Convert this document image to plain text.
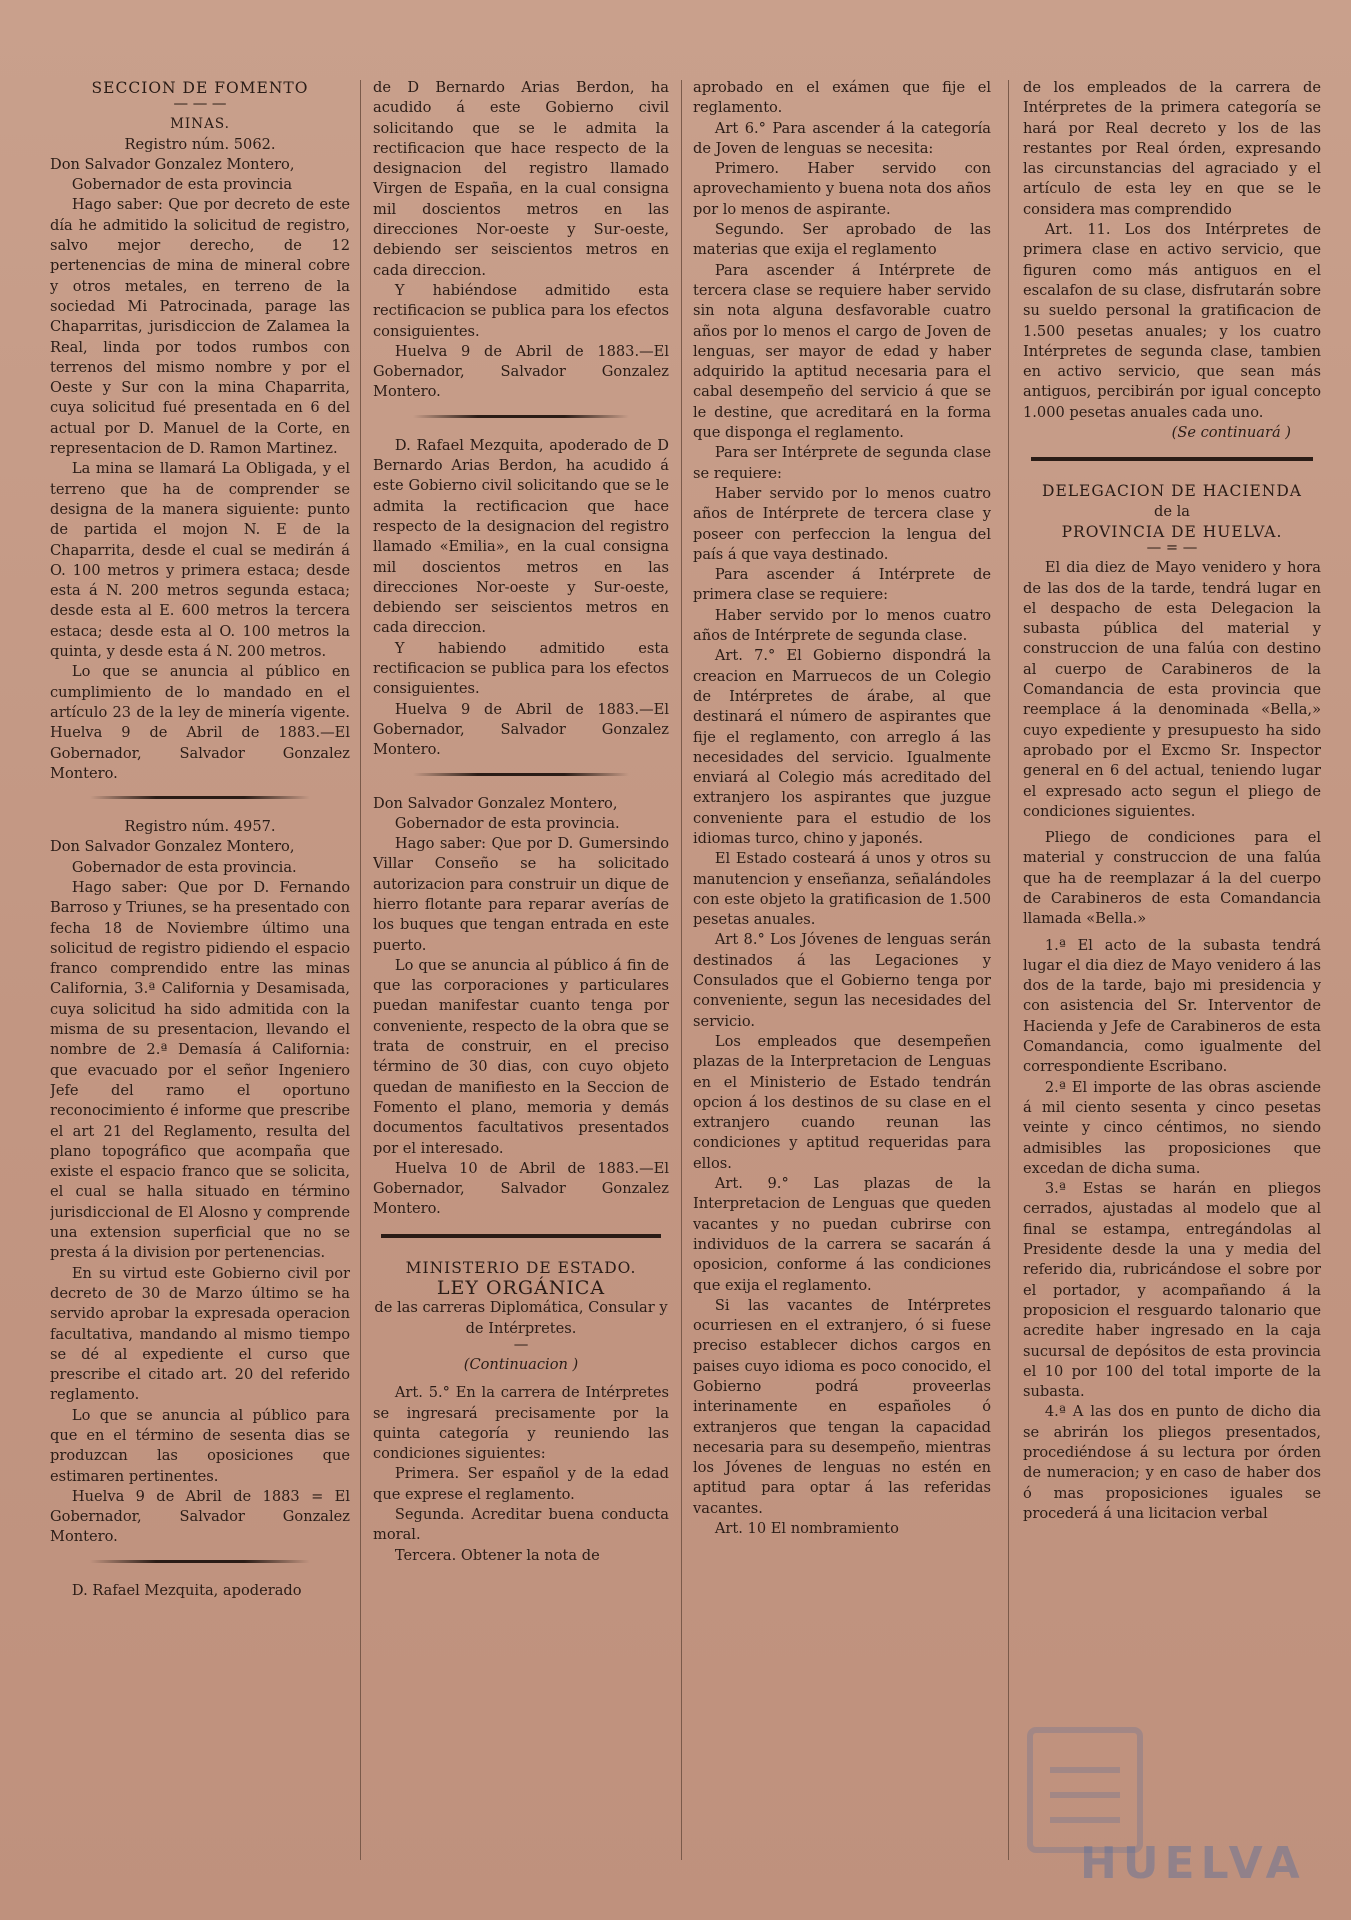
SECCION DE FOMENTO

— — —

MINAS.

Registro núm. 5062.

Don Salvador Gonzalez Montero,

Gobernador de esta provincia

Hago saber: Que por decreto de este día he admitido la solicitud de registro, salvo mejor derecho, de 12 pertenencias de mina de mineral cobre y otros metales, en terreno de la sociedad Mi Patrocinada, parage las Chaparritas, jurisdiccion de Zalamea la Real, linda por todos rumbos con terrenos del mismo nombre y por el Oeste y Sur con la mina Chaparrita, cuya solicitud fué presentada en 6 del actual por D. Manuel de la Corte, en representacion de D. Ramon Martinez.

La mina se llamará La Obligada, y el terreno que ha de comprender se designa de la manera siguiente: punto de partida el mojon N. E de la Chaparrita, desde el cual se medirán á O. 100 metros y primera estaca; desde esta á N. 200 metros segunda estaca; desde esta al E. 600 metros la tercera estaca; desde esta al O. 100 metros la quinta, y desde esta á N. 200 metros.

Lo que se anuncia al público en cumplimiento de lo mandado en el artículo 23 de la ley de minería vigente. Huelva 9 de Abril de 1883.—El Gobernador, Salvador Gonzalez Montero.

Registro núm. 4957.

Don Salvador Gonzalez Montero,

Gobernador de esta provincia.

Hago saber: Que por D. Fernando Barroso y Triunes, se ha presentado con fecha 18 de Noviembre último una solicitud de registro pidiendo el espacio franco comprendido entre las minas California, 3.ª California y Desamisada, cuya solicitud ha sido admitida con la misma de su presentacion, llevando el nombre de 2.ª Demasía á California: que evacuado por el señor Ingeniero Jefe del ramo el oportuno reconocimiento é informe que prescribe el art 21 del Reglamento, resulta del plano topográfico que acompaña que existe el espacio franco que se solicita, el cual se halla situado en término jurisdiccional de El Alosno y comprende una extension superficial que no se presta á la division por pertenencias.

En su virtud este Gobierno civil por decreto de 30 de Marzo último se ha servido aprobar la expresada operacion facultativa, mandando al mismo tiempo se dé al expediente el curso que prescribe el citado art. 20 del referido reglamento.

Lo que se anuncia al público para que en el término de sesenta dias se produzcan las oposiciones que estimaren pertinentes.

Huelva 9 de Abril de 1883 = El Gobernador, Salvador Gonzalez Montero.

D. Rafael Mezquita, apoderado

de D Bernardo Arias Berdon, ha acudido á este Gobierno civil solicitando que se le admita la rectificacion que hace respecto de la designacion del registro llamado Virgen de España, en la cual consigna mil doscientos metros en las direcciones Nor-oeste y Sur-oeste, debiendo ser seiscientos metros en cada direccion.

Y habiéndose admitido esta rectificacion se publica para los efectos consiguientes.

Huelva 9 de Abril de 1883.—El Gobernador, Salvador Gonzalez Montero.

D. Rafael Mezquita, apoderado de D Bernardo Arias Berdon, ha acudido á este Gobierno civil solicitando que se le admita la rectificacion que hace respecto de la designacion del registro llamado «Emilia», en la cual consigna mil doscientos metros en las direcciones Nor-oeste y Sur-oeste, debiendo ser seiscientos metros en cada direccion.

Y habiendo admitido esta rectificacion se publica para los efectos consiguientes.

Huelva 9 de Abril de 1883.—El Gobernador, Salvador Gonzalez Montero.

Don Salvador Gonzalez Montero,

Gobernador de esta provincia.

Hago saber: Que por D. Gumersindo Villar Conseño se ha solicitado autorizacion para construir un dique de hierro flotante para reparar averías de los buques que tengan entrada en este puerto.

Lo que se anuncia al público á fin de que las corporaciones y particulares puedan manifestar cuanto tenga por conveniente, respecto de la obra que se trata de construir, en el preciso término de 30 dias, con cuyo objeto quedan de manifiesto en la Seccion de Fomento el plano, memoria y demás documentos facultativos presentados por el interesado.

Huelva 10 de Abril de 1883.—El Gobernador, Salvador Gonzalez Montero.

MINISTERIO DE ESTADO.

LEY ORGÁNICA

de las carreras Diplomática, Consular y de Intérpretes.

—

(Continuacion )

Art. 5.° En la carrera de Intérpretes se ingresará precisamente por la quinta categoría y reuniendo las condiciones siguientes:

Primera. Ser español y de la edad que exprese el reglamento.

Segunda. Acreditar buena conducta moral.

Tercera. Obtener la nota de

aprobado en el exámen que fije el reglamento.

Art 6.° Para ascender á la categoría de Joven de lenguas se necesita:

Primero. Haber servido con aprovechamiento y buena nota dos años por lo menos de aspirante.

Segundo. Ser aprobado de las materias que exija el reglamento

Para ascender á Intérprete de tercera clase se requiere haber servido sin nota alguna desfavorable cuatro años por lo menos el cargo de Joven de lenguas, ser mayor de edad y haber adquirido la aptitud necesaria para el cabal desempeño del servicio á que se le destine, que acreditará en la forma que disponga el reglamento.

Para ser Intérprete de segunda clase se requiere:

Haber servido por lo menos cuatro años de Intérprete de tercera clase y poseer con perfeccion la lengua del país á que vaya destinado.

Para ascender á Intérprete de primera clase se requiere:

Haber servido por lo menos cuatro años de Intérprete de segunda clase.

Art. 7.° El Gobierno dispondrá la creacion en Marruecos de un Colegio de Intérpretes de árabe, al que destinará el número de aspirantes que fije el reglamento, con arreglo á las necesidades del servicio. Igualmente enviará al Colegio más acreditado del extranjero los aspirantes que juzgue conveniente para el estudio de los idiomas turco, chino y japonés.

El Estado costeará á unos y otros su manutencion y enseñanza, señalándoles con este objeto la gratificasion de 1.500 pesetas anuales.

Art 8.° Los Jóvenes de lenguas serán destinados á las Legaciones y Consulados que el Gobierno tenga por conveniente, segun las necesidades del servicio.

Los empleados que desempeñen plazas de la Interpretacion de Lenguas en el Ministerio de Estado tendrán opcion á los destinos de su clase en el extranjero cuando reunan las condiciones y aptitud requeridas para ellos.

Art. 9.° Las plazas de la Interpretacion de Lenguas que queden vacantes y no puedan cubrirse con individuos de la carrera se sacarán á oposicion, conforme á las condiciones que exija el reglamento.

Si las vacantes de Intérpretes ocurriesen en el extranjero, ó si fuese preciso establecer dichos cargos en paises cuyo idioma es poco conocido, el Gobierno podrá proveerlas interinamente en españoles ó extranjeros que tengan la capacidad necesaria para su desempeño, mientras los Jóvenes de lenguas no estén en aptitud para optar á las referidas vacantes.

Art. 10 El nombramiento

de los empleados de la carrera de Intérpretes de la primera categoría se hará por Real decreto y los de las restantes por Real órden, expresando las circunstancias del agraciado y el artículo de esta ley en que se le considera mas comprendido

Art. 11. Los dos Intérpretes de primera clase en activo servicio, que figuren como más antiguos en el escalafon de su clase, disfrutarán sobre su sueldo personal la gratificacion de 1.500 pesetas anuales; y los cuatro Intérpretes de segunda clase, tambien en activo servicio, que sean más antiguos, percibirán por igual concepto 1.000 pesetas anuales cada uno.

(Se continuará )

DELEGACION DE HACIENDA

de la

PROVINCIA DE HUELVA.

— = —

El dia diez de Mayo venidero y hora de las dos de la tarde, tendrá lugar en el despacho de esta Delegacion la subasta pública del material y construccion de una falúa con destino al cuerpo de Carabineros de la Comandancia de esta provincia que reemplace á la denominada «Bella,» cuyo expediente y presupuesto ha sido aprobado por el Excmo Sr. Inspector general en 6 del actual, teniendo lugar el expresado acto segun el pliego de condiciones siguientes.

Pliego de condiciones para el material y construccion de una falúa que ha de reemplazar á la del cuerpo de Carabineros de esta Comandancia llamada «Bella.»

1.ª El acto de la subasta tendrá lugar el dia diez de Mayo venidero á las dos de la tarde, bajo mi presidencia y con asistencia del Sr. Interventor de Hacienda y Jefe de Carabineros de esta Comandancia, como igualmente del correspondiente Escribano.

2.ª El importe de las obras asciende á mil ciento sesenta y cinco pesetas veinte y cinco céntimos, no siendo admisibles las proposiciones que excedan de dicha suma.

3.ª Estas se harán en pliegos cerrados, ajustadas al modelo que al final se estampa, entregándolas al Presidente desde la una y media del referido dia, rubricándose el sobre por el portador, y acompañando á la proposicion el resguardo talonario que acredite haber ingresado en la caja sucursal de depósitos de esta provincia el 10 por 100 del total importe de la subasta.

4.ª A las dos en punto de dicho dia se abrirán los pliegos presentados, procediéndose á su lectura por órden de numeracion; y en caso de haber dos ó mas proposiciones iguales se procederá á una licitacion verbal

HUELVA
